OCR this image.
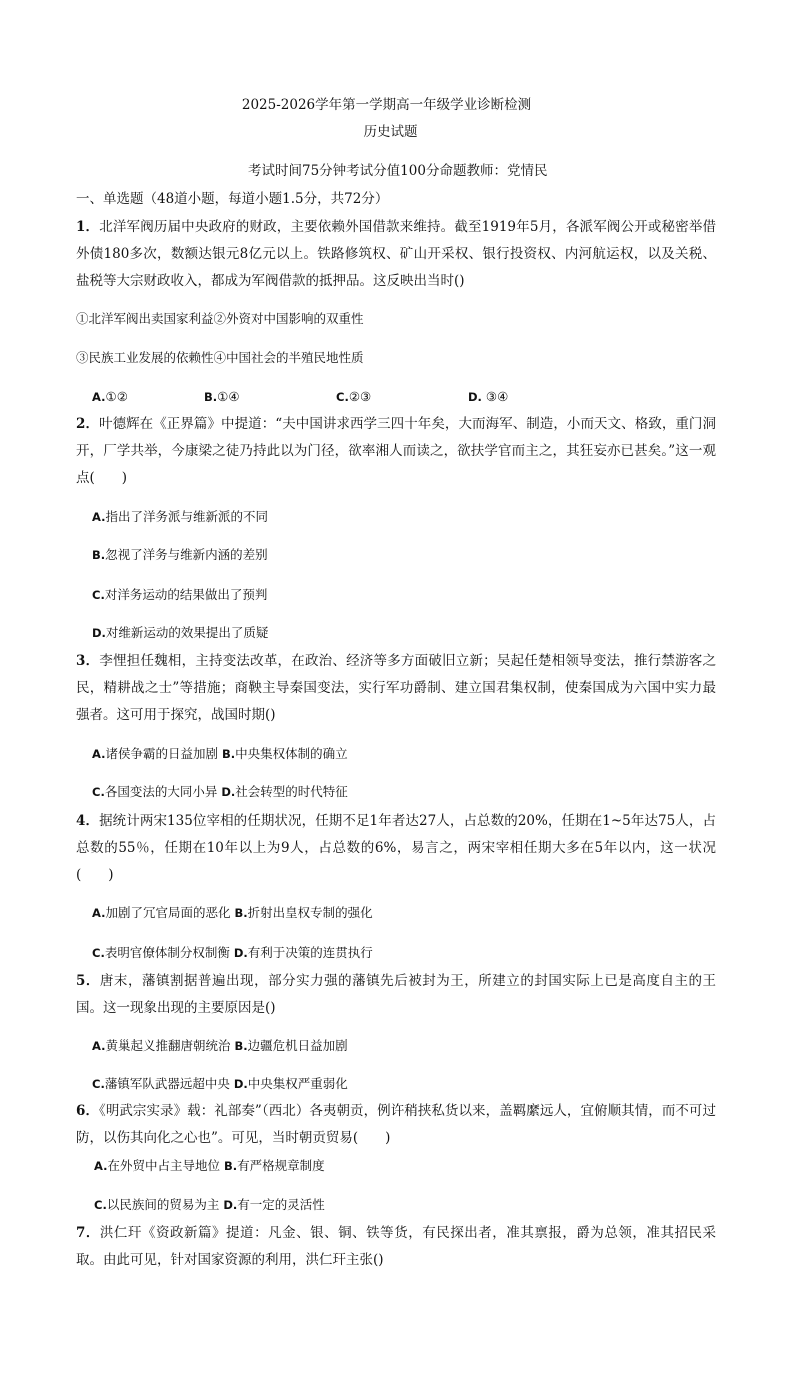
2025-2026学年第一学期高一年级学业诊断检测
历史试题
考试时间75分钟考试分值100分命题教师：党情民
一、单选题（48道小题，每道小题1.5分，共72分）
1．北洋军阀历届中央政府的财政，主要依赖外国借款来维持。截至1919年5月，各派军阀公开或秘密举借外债180多次，数额达银元8亿元以上。铁路修筑权、矿山开采权、银行投资权、内河航运权，以及关税、盐税等大宗财政收入，都成为军阀借款的抵押品。这反映出当时()
①北洋军阀出卖国家利益②外资对中国影响的双重性
③民族工业发展的依赖性④中国社会的半殖民地性质
A.①②	B.①④	C.②③	D. ③④
2．叶德辉在《正界篇》中提道：“夫中国讲求西学三四十年矣，大而海军、制造，小而天文、格致，重门洞开，厂学共举，今康梁之徒乃持此以为门径，欲率湘人而读之，欲扶学官而主之，其狂妄亦已甚矣。”这一观点(　　)
A.指出了洋务派与维新派的不同
B.忽视了洋务与维新内涵的差别
C.对洋务运动的结果做出了预判
D.对维新运动的效果提出了质疑
3．李悝担任魏相，主持变法改革，在政治、经济等多方面破旧立新；吴起任楚相领导变法，推行禁游客之民，精耕战之士”等措施；商鞅主导秦国变法，实行军功爵制、建立国君集权制，使秦国成为六国中实力最强者。这可用于探究，战国时期()
A.诸侯争霸的日益加剧 B.中央集权体制的确立
C.各国变法的大同小异 D.社会转型的时代特征
4．据统计两宋135位宰相的任期状况，任期不足1年者达27人，占总数的20%，任期在1~5年达75人，占总数的55％，任期在10年以上为9人，占总数的6%，易言之，两宋宰相任期大多在5年以内，这一状况(　　)
A.加剧了冗官局面的恶化 B.折射出皇权专制的强化
C.表明官僚体制分权制衡 D.有利于决策的连贯执行
5．唐末，藩镇割据普遍出现，部分实力强的藩镇先后被封为王，所建立的封国实际上已是高度自主的王国。这一现象出现的主要原因是()
A.黄巢起义推翻唐朝统治 B.边疆危机日益加剧
C.藩镇军队武器远超中央 D.中央集权严重弱化
6．《明武宗实录》载：礼部奏”（西北）各夷朝贡，例许稍挟私货以来，盖羁縻远人，宜俯顺其情，而不可过防，以伤其向化之心也”。可见，当时朝贡贸易(　　)
A.在外贸中占主导地位 B.有严格规章制度
C.以民族间的贸易为主 D.有一定的灵活性
7．洪仁玕《资政新篇》提道：凡金、银、铜、铁等货，有民探出者，准其禀报，爵为总领，准其招民采取。由此可见，针对国家资源的利用，洪仁玕主张()
